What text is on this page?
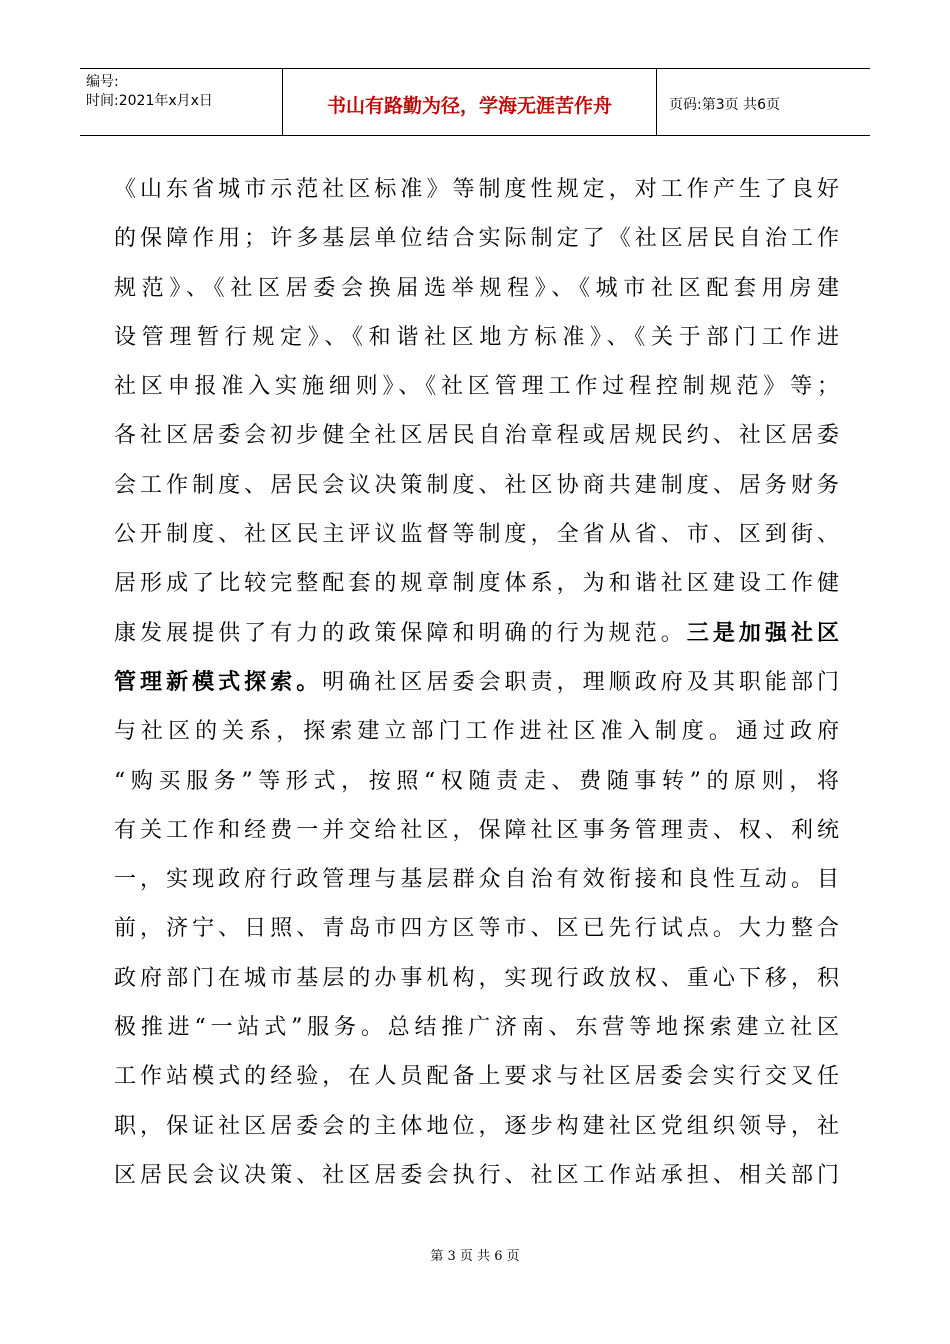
编号:
时间:2021年x月x日	书山有路勤为径，学海无涯苦作舟	页码:第3页 共6页
《山东省城市示范社区标准》等制度性规定，对工作产生了良好
的保障作用；许多基层单位结合实际制定了《社区居民自治工作
规范》、《社区居委会换届选举规程》、《城市社区配套用房建
设管理暂行规定》、《和谐社区地方标准》、《关于部门工作进
社区申报准入实施细则》、《社区管理工作过程控制规范》等；
各社区居委会初步健全社区居民自治章程或居规民约、社区居委
会工作制度、居民会议决策制度、社区协商共建制度、居务财务
公开制度、社区民主评议监督等制度，全省从省、市、区到街、
居形成了比较完整配套的规章制度体系，为和谐社区建设工作健
康发展提供了有力的政策保障和明确的行为规范。三是加强社区
管理新模式探索。明确社区居委会职责，理顺政府及其职能部门
与社区的关系，探索建立部门工作进社区准入制度。通过政府
“购买服务”等形式，按照“权随责走、费随事转”的原则，将
有关工作和经费一并交给社区，保障社区事务管理责、权、利统
一，实现政府行政管理与基层群众自治有效衔接和良性互动。目
前，济宁、日照、青岛市四方区等市、区已先行试点。大力整合
政府部门在城市基层的办事机构，实现行政放权、重心下移，积
极推进“一站式”服务。总结推广济南、东营等地探索建立社区
工作站模式的经验，在人员配备上要求与社区居委会实行交叉任
职，保证社区居委会的主体地位，逐步构建社区党组织领导，社
区居民会议决策、社区居委会执行、社区工作站承担、相关部门
第 3 页 共 6 页
